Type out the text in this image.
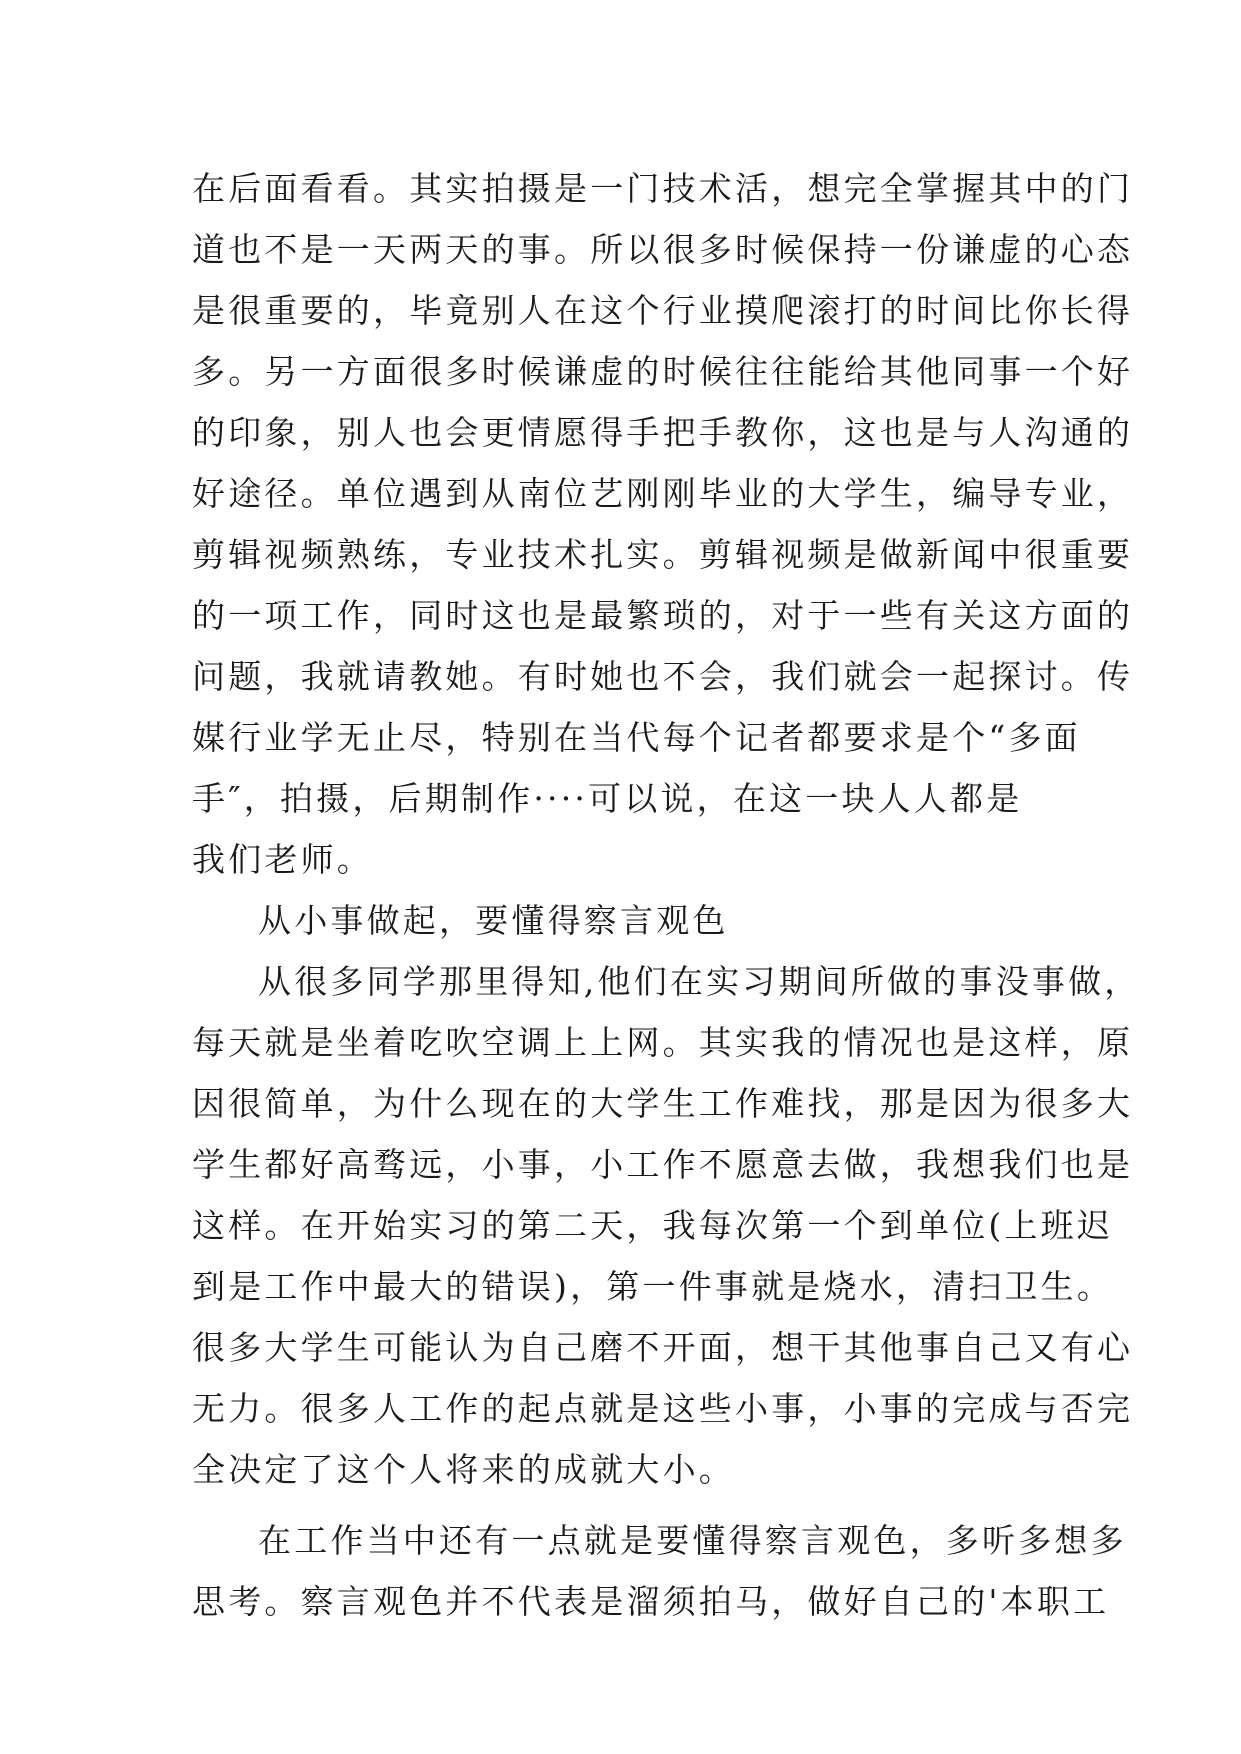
在后面看看。其实拍摄是一门技术活，想完全掌握其中的门
道也不是一天两天的事。所以很多时候保持一份谦虚的心态
是很重要的，毕竟别人在这个行业摸爬滚打的时间比你长得
多。另一方面很多时候谦虚的时候往往能给其他同事一个好
的印象，别人也会更情愿得手把手教你，这也是与人沟通的
好途径。单位遇到从南位艺刚刚毕业的大学生，编导专业，
剪辑视频熟练，专业技术扎实。剪辑视频是做新闻中很重要
的一项工作，同时这也是最繁琐的，对于一些有关这方面的
问题，我就请教她。有时她也不会，我们就会一起探讨。传
媒行业学无止尽，特别在当代每个记者都要求是个“多面
手″，拍摄，后期制作····可以说，在这一块人人都是
我们老师。
从小事做起，要懂得察言观色
从很多同学那里得知,他们在实习期间所做的事没事做，
每天就是坐着吃吹空调上上网。其实我的情况也是这样，原
因很简单，为什么现在的大学生工作难找，那是因为很多大
学生都好高骛远，小事，小工作不愿意去做，我想我们也是
这样。在开始实习的第二天，我每次第一个到单位(上班迟
到是工作中最大的错误)，第一件事就是烧水，清扫卫生。
很多大学生可能认为自己磨不开面，想干其他事自己又有心
无力。很多人工作的起点就是这些小事，小事的完成与否完
全决定了这个人将来的成就大小。
在工作当中还有一点就是要懂得察言观色，多听多想多
思考。察言观色并不代表是溜须拍马，做好自己的'本职工
